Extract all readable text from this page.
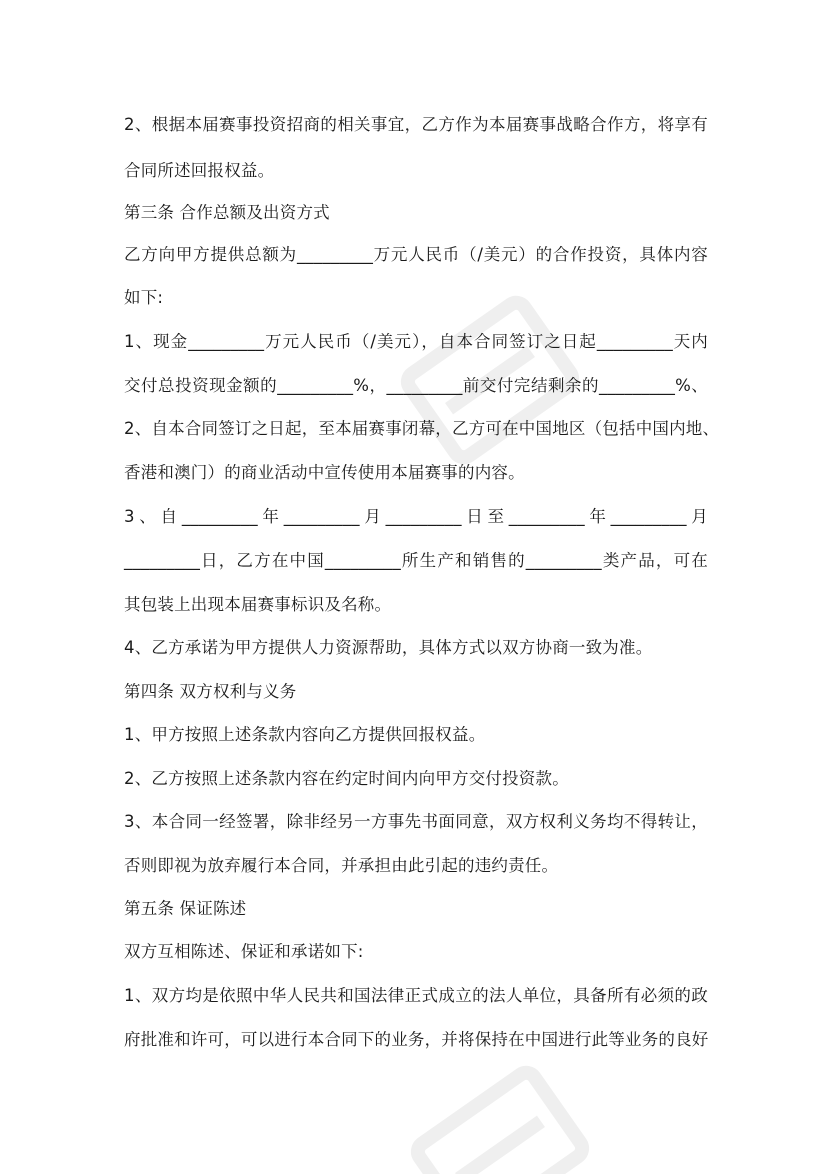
2、根据本届赛事投资招商的相关事宜，乙方作为本届赛事战略合作方，将享有
合同所述回报权益。
第三条 合作总额及出资方式
乙方向甲方提供总额为_________万元人民币（/美元）的合作投资，具体内容
如下:
1、现金_________万元人民币（/美元），自本合同签订之日起_________天内
交付总投资现金额的_________%，_________前交付完结剩余的_________%、
2、自本合同签订之日起，至本届赛事闭幕，乙方可在中国地区（包括中国内地、
香港和澳门）的商业活动中宣传使用本届赛事的内容。
3、自_________年_________月_________日至_________年_________月
_________日，乙方在中国_________所生产和销售的_________类产品，可在
其包装上出现本届赛事标识及名称。
4、乙方承诺为甲方提供人力资源帮助，具体方式以双方协商一致为准。
第四条 双方权利与义务
1、甲方按照上述条款内容向乙方提供回报权益。
2、乙方按照上述条款内容在约定时间内向甲方交付投资款。
3、本合同一经签署，除非经另一方事先书面同意，双方权利义务均不得转让，
否则即视为放弃履行本合同，并承担由此引起的违约责任。
第五条 保证陈述
双方互相陈述、保证和承诺如下:
1、双方均是依照中华人民共和国法律正式成立的法人单位，具备所有必须的政
府批准和许可，可以进行本合同下的业务，并将保持在中国进行此等业务的良好
